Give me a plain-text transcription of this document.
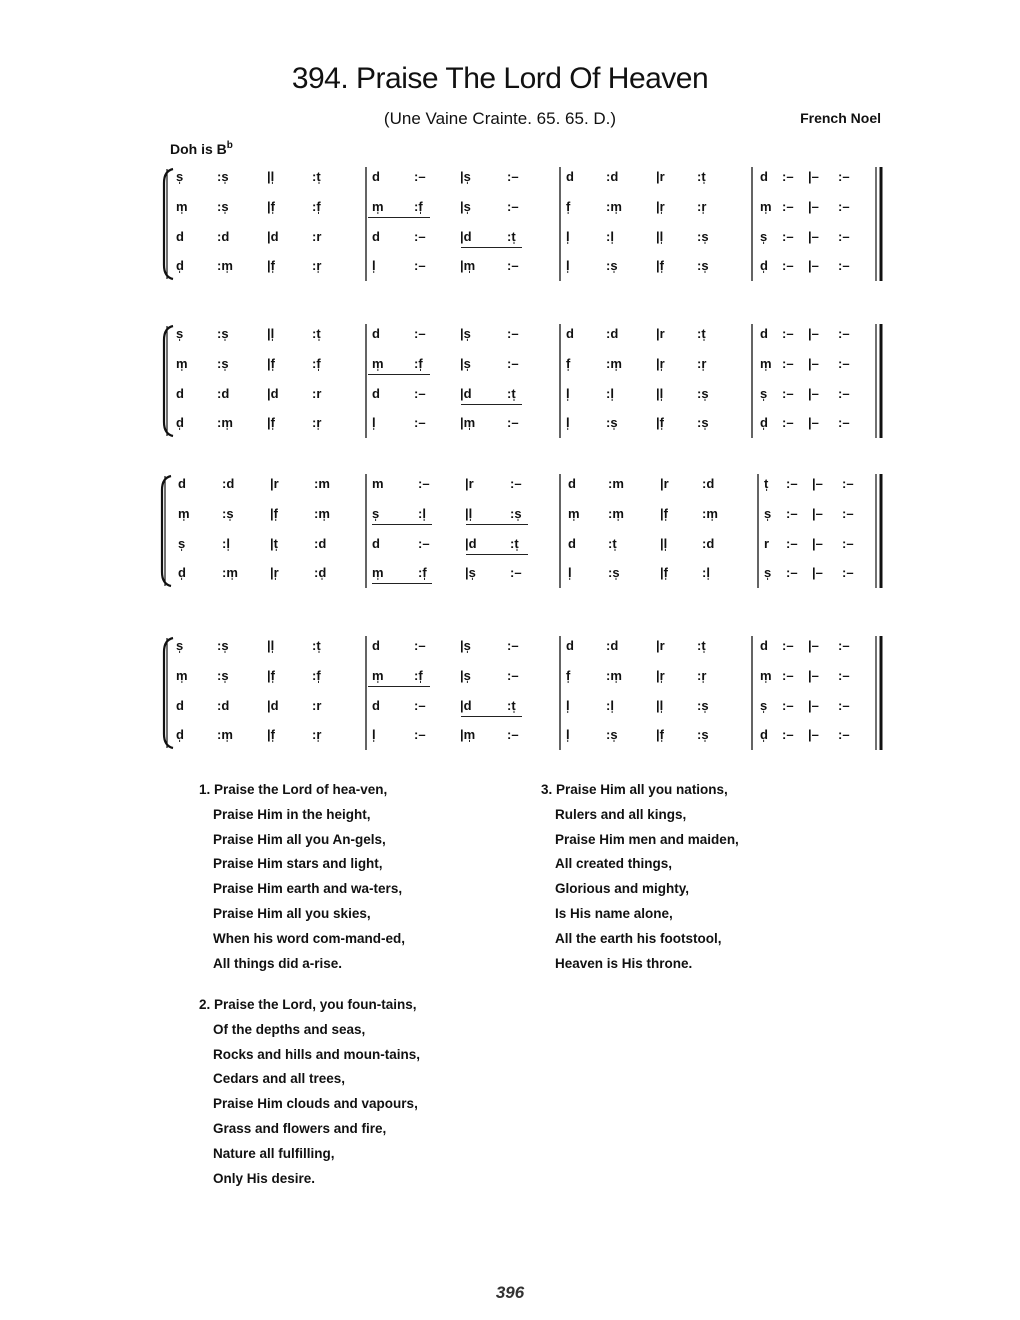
394. Praise The Lord Of Heaven
(Une Vaine Crainte. 65. 65. D.)	French Noel
Doh is $B^b$
s̩	:s̩	|l̩	:t̩	d	:–	|s̩	:–	d :d	|r :t̩	d :– |– :–
m̩ :s̩	|f̩	:f̩	m̩ :f̩	|s̩	:–	f̩	:m̩	|r̩ :r̩	m̩ :– |– :–
d	:d	|d	:r	d	:–	|d	:t̩	l̩	:l̩	|l̩	:s̩	s̩ :– |– :–
d̩	:m̩	|f̩	:r̩	l̩	:–	|m̩ :–	l̩	:s̩	|f̩	:s̩	d̩ :– |– :–
s̩	:s̩	|l̩	:t̩	d	:–	|s̩	:–	d :d	|r :t̩	d :– |– :–
m̩ :s̩	|f̩	:f̩	m̩ :f̩	|s̩	:–	f̩	:m̩	|r̩ :r̩	m̩ :– |– :–
d	:d	|d	:r	d	:–	|d	:t̩	l̩	:l̩	|l̩	:s̩	s̩ :– |– :–
d̩	:m̩	|f̩	:r̩	l̩	:–	|m̩ :–	l̩	:s̩	|f̩	:s̩	d̩ :– |– :–
d	:d	|r	:m	m	:–	|r	:–	d :m	|r	:d	t̩ :– |– :–
m̩ :s̩	|f̩	:m̩	s̩	:l̩	|l̩	:s̩	m̩ :m̩	|f̩	:m̩	s̩ :– |– :–
s̩	:l̩	|t̩	:d	d	:–	|d	:t̩	d :t̩	|l̩	:d	r :– |– :–
d̩	:m̩ |r̩	:d̩	m̩	:f̩	|s̩	:–	l̩	:s̩	|f̩	:l̩	s̩ :– |– :–
s̩	:s̩	|l̩	:t̩	d	:–	|s̩	:–	d :d	|r :t̩	d :– |– :–
m̩ :s̩	|f̩	:f̩	m̩ :f̩	|s̩	:–	f̩	:m̩	|r̩ :r̩	m̩ :– |– :–
d	:d	|d	:r	d	:–	|d	:t̩	l̩	:l̩	|l̩	:s̩	s̩ :– |– :–
d̩	:m̩	|f̩	:r̩	l̩	:–	|m̩ :–	l̩	:s̩	|f̩	:s̩	d̩ :– |– :–
1. Praise the Lord of hea-ven,
Praise Him in the height,
Praise Him all you An-gels,
Praise Him stars and light,
Praise Him earth and wa-ters,
Praise Him all you skies,
When his word com-mand-ed,
All things did a-rise.
3. Praise Him all you nations,
Rulers and all kings,
Praise Him men and maiden,
All created things,
Glorious and mighty,
Is His name alone,
All the earth his footstool,
Heaven is His throne.
2. Praise the Lord, you foun-tains,
Of the depths and seas,
Rocks and hills and moun-tains,
Cedars and all trees,
Praise Him clouds and vapours,
Grass and flowers and fire,
Nature all fulfilling,
Only His desire.
396
